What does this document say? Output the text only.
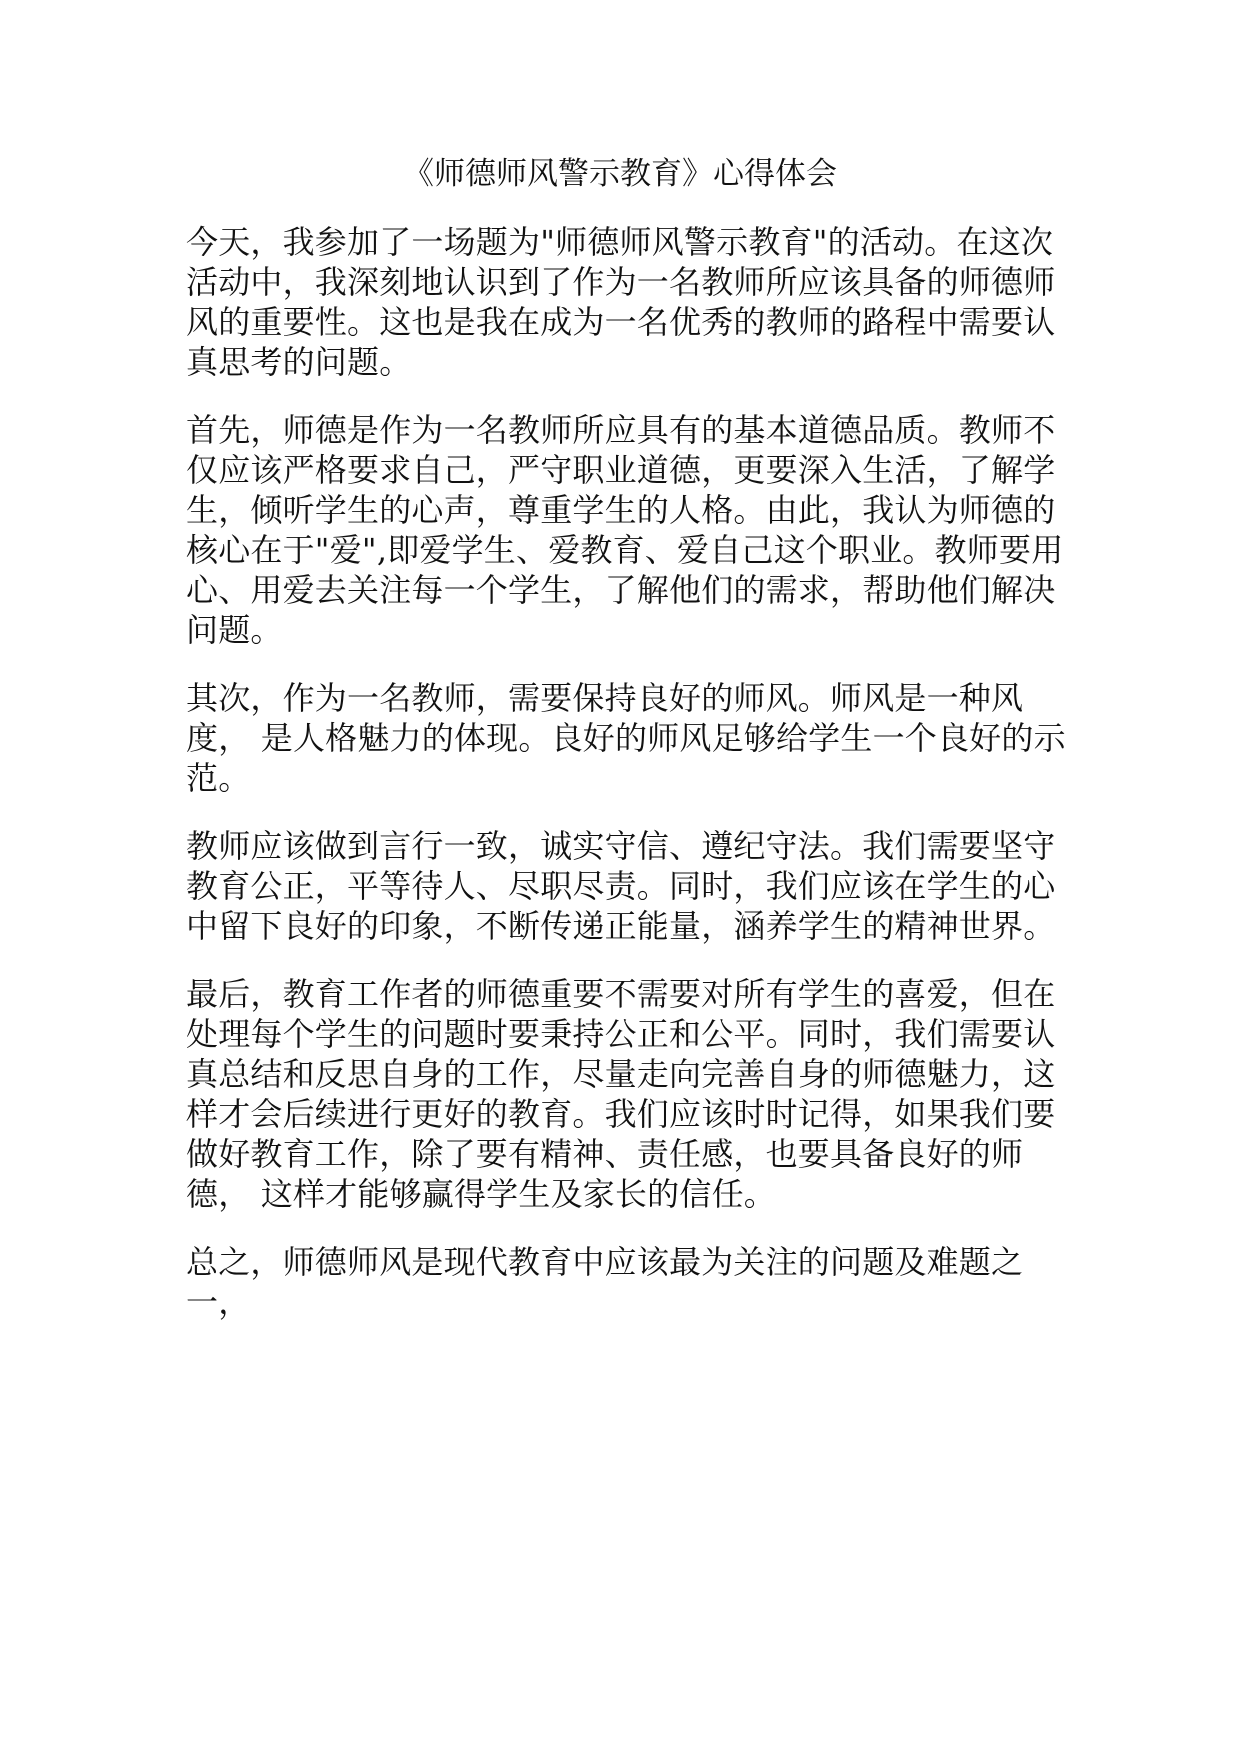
《师德师风警示教育》心得体会

今天，我参加了一场题为"师德师风警示教育"的活动。在这次活动中，我深刻地认识到了作为一名教师所应该具备的师德师风的重要性。这也是我在成为一名优秀的教师的路程中需要认真思考的问题。

首先，师德是作为一名教师所应具有的基本道德品质。教师不仅应该严格要求自己，严守职业道德，更要深入生活，了解学生，倾听学生的心声，尊重学生的人格。由此，我认为师德的核心在于"爱",即爱学生、爱教育、爱自己这个职业。教师要用心、用爱去关注每一个学生，了解他们的需求，帮助他们解决问题。

其次，作为一名教师，需要保持良好的师风。师风是一种风度， 是人格魅力的体现。良好的师风足够给学生一个良好的示范。

教师应该做到言行一致，诚实守信、遵纪守法。我们需要坚守教育公正，平等待人、尽职尽责。同时，我们应该在学生的心中留下良好的印象，不断传递正能量，涵养学生的精神世界。

最后，教育工作者的师德重要不需要对所有学生的喜爱，但在处理每个学生的问题时要秉持公正和公平。同时，我们需要认真总结和反思自身的工作，尽量走向完善自身的师德魅力，这样才会后续进行更好的教育。我们应该时时记得，如果我们要做好教育工作，除了要有精神、责任感，也要具备良好的师德， 这样才能够赢得学生及家长的信任。

总之，师德师风是现代教育中应该最为关注的问题及难题之一，
